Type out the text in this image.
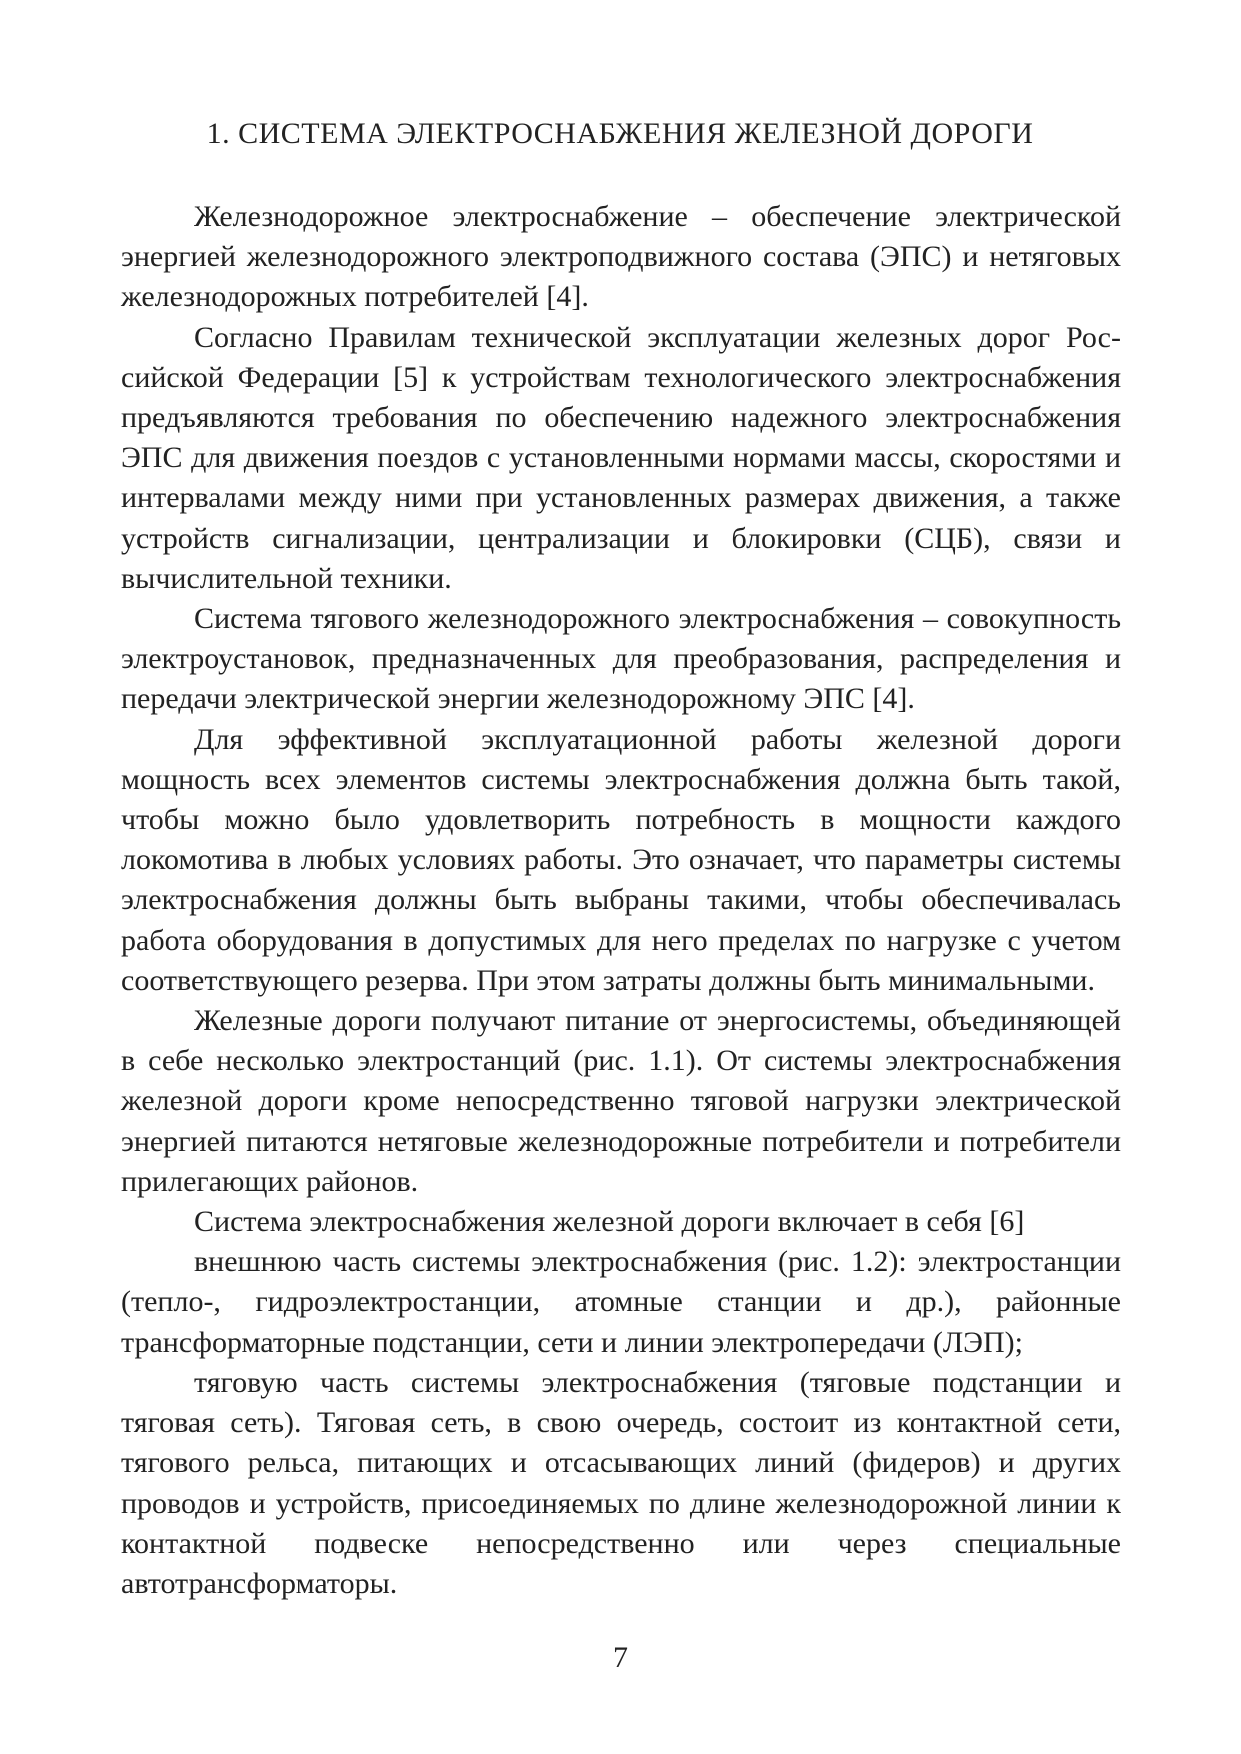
1. СИСТЕМА ЭЛЕКТРОСНАБЖЕНИЯ ЖЕЛЕЗНОЙ ДОРОГИ

Железнодорожное электроснабжение – обеспечение электрической энергией железнодорожного электроподвижного состава (ЭПС) и нетяговых железнодорожных потребителей [4].

Согласно Правилам технической эксплуатации железных дорог Российской Федерации [5] к устройствам технологического электроснабжения предъявляются требования по обеспечению надежного электроснабжения ЭПС для движения поездов с установленными нормами массы, скоростями и интервалами между ними при установленных размерах движения, а также устройств сигнализации, централизации и блокировки (СЦБ), связи и вычислительной техники.

Система тягового железнодорожного электроснабжения – совокупность электроустановок, предназначенных для преобразования, распределения и передачи электрической энергии железнодорожному ЭПС [4].

Для эффективной эксплуатационной работы железной дороги мощность всех элементов системы электроснабжения должна быть такой, чтобы можно было удовлетворить потребность в мощности каждого локомотива в любых условиях работы. Это означает, что параметры системы электроснабжения должны быть выбраны такими, чтобы обеспечивалась работа оборудования в допустимых для него пределах по нагрузке с учетом соответствующего резерва. При этом затраты должны быть минимальными.

Железные дороги получают питание от энергосистемы, объединяющей в себе несколько электростанций (рис. 1.1). От системы электроснабжения железной дороги кроме непосредственно тяговой нагрузки электрической энергией питаются нетяговые железнодорожные потребители и потребители прилегающих районов.

Система электроснабжения железной дороги включает в себя [6]

внешнюю часть системы электроснабжения (рис. 1.2): электростанции (тепло-, гидроэлектростанции, атомные станции и др.), районные трансформаторные подстанции, сети и линии электропередачи (ЛЭП);

тяговую часть системы электроснабжения (тяговые подстанции и тяговая сеть). Тяговая сеть, в свою очередь, состоит из контактной сети, тягового рельса, питающих и отсасывающих линий (фидеров) и других проводов и устройств, присоединяемых по длине железнодорожной линии к контактной подвеске непосредственно или через специальные автотрансформаторы.

7
